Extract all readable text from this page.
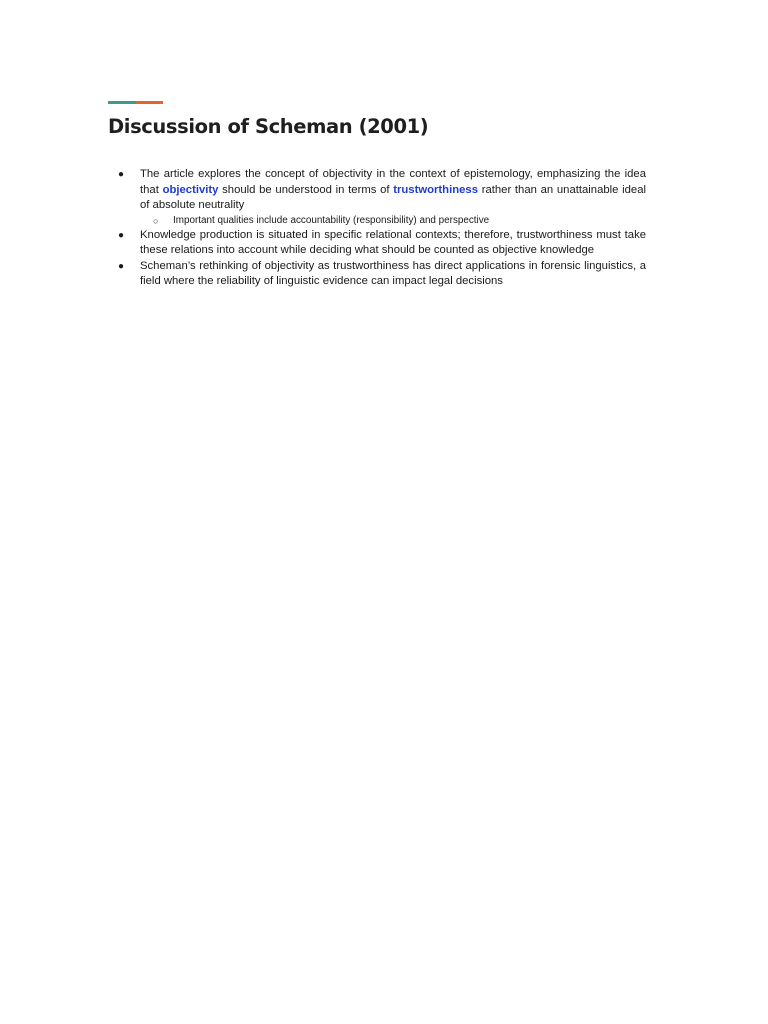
Discussion of Scheman (2001)
●	The article explores the concept of objectivity in the context of epistemology, emphasizing the idea that objectivity should be understood in terms of trustworthiness rather than an unattainable ideal of absolute neutrality
○ Important qualities include accountability (responsibility) and perspective
●	Knowledge production is situated in specific relational contexts; therefore, trustworthiness must take these relations into account while deciding what should be counted as objective knowledge
●	Scheman’s rethinking of objectivity as trustworthiness has direct applications in forensic linguistics, a field where the reliability of linguistic evidence can impact legal decisions
